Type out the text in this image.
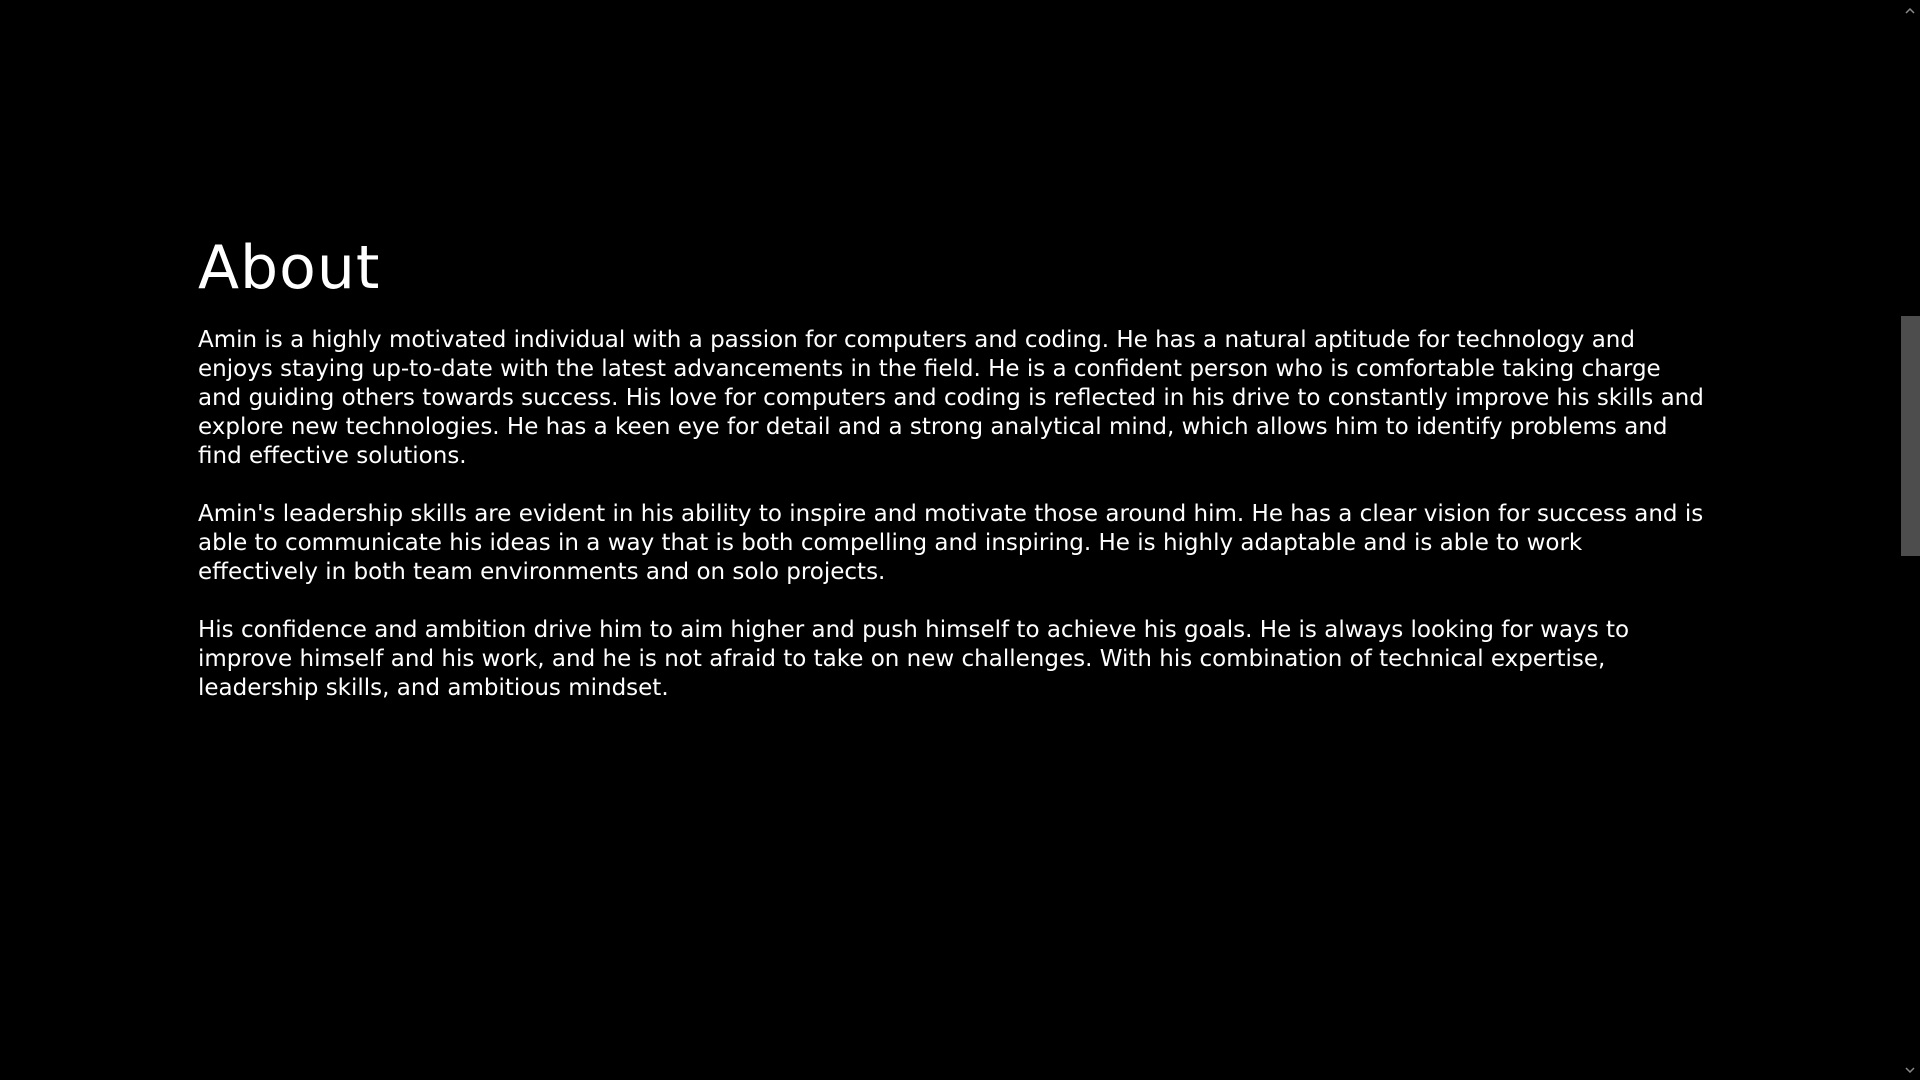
About

Amin is a highly motivated individual with a passion for computers and coding. He has a natural aptitude for technology and enjoys staying up-to-date with the latest advancements in the field. He is a confident person who is comfortable taking charge and guiding others towards success. His love for computers and coding is reflected in his drive to constantly improve his skills and explore new technologies. He has a keen eye for detail and a strong analytical mind, which allows him to identify problems and find effective solutions.

Amin's leadership skills are evident in his ability to inspire and motivate those around him. He has a clear vision for success and is able to communicate his ideas in a way that is both compelling and inspiring. He is highly adaptable and is able to work effectively in both team environments and on solo projects.

His confidence and ambition drive him to aim higher and push himself to achieve his goals. He is always looking for ways to improve himself and his work, and he is not afraid to take on new challenges. With his combination of technical expertise, leadership skills, and ambitious mindset.
